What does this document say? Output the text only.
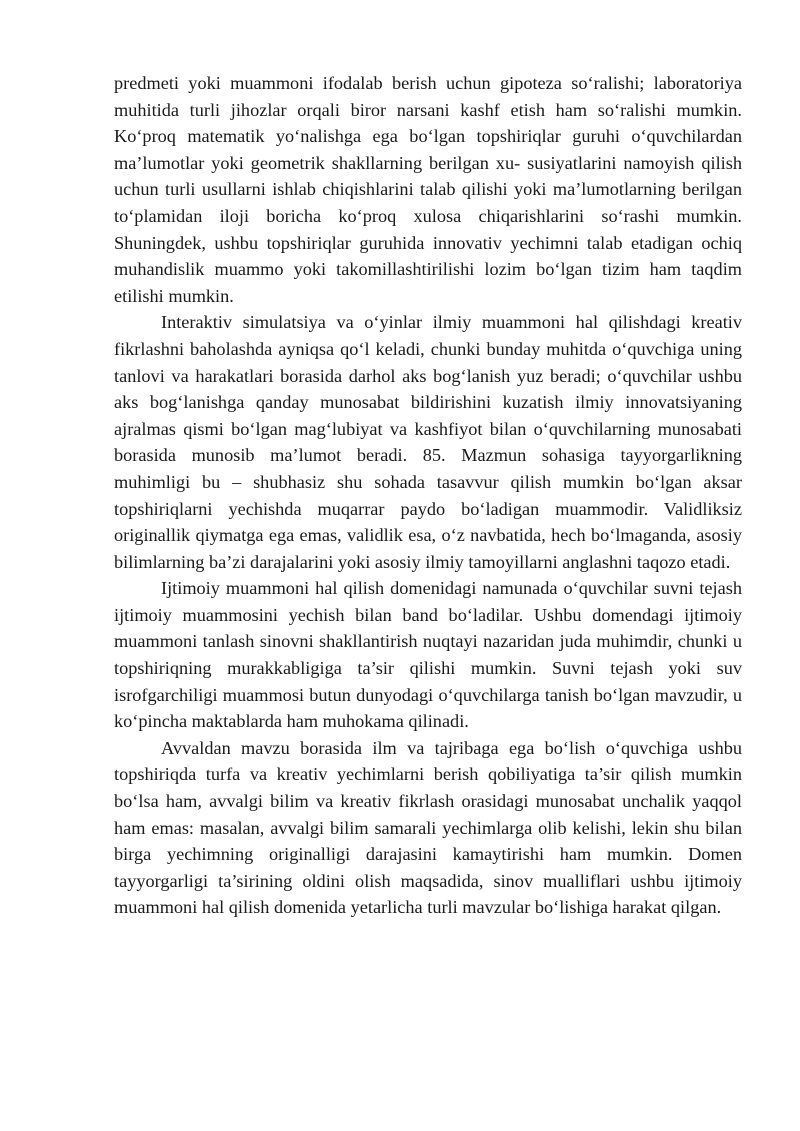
predmeti yoki muammoni ifodalab berish uchun gipoteza so‘ralishi; laboratoriya muhitida turli jihozlar orqali biror narsani kashf etish ham so‘ralishi mumkin. Ko‘proq matematik yo‘nalishga ega bo‘lgan topshiriqlar guruhi o‘quvchilardan ma’lumotlar yoki geometrik shakllarning berilgan xu- susiyatlarini namoyish qilish uchun turli usullarni ishlab chiqishlarini talab qilishi yoki ma’lumotlarning berilgan to‘plamidan iloji boricha ko‘proq xulosa chiqarishlarini so‘rashi mumkin. Shuningdek, ushbu topshiriqlar guruhida innovativ yechimni talab etadigan ochiq muhandislik muammo yoki takomillashtirilishi lozim bo‘lgan tizim ham taqdim etilishi mumkin.

Interaktiv simulatsiya va o‘yinlar ilmiy muammoni hal qilishdagi kreativ fikrlashni baholashda ayniqsa qo‘l keladi, chunki bunday muhitda o‘quvchiga uning tanlovi va harakatlari borasida darhol aks bog‘lanish yuz beradi; o‘quvchilar ushbu aks bog‘lanishga qanday munosabat bildirishini kuzatish ilmiy innovatsiyaning ajralmas qismi bo‘lgan mag‘lubiyat va kashfiyot bilan o‘quvchilarning munosabati borasida munosib ma’lumot beradi. 85. Mazmun sohasiga tayyorgarlikning muhimligi bu – shubhasiz shu sohada tasavvur qilish mumkin bo‘lgan aksar topshiriqlarni yechishda muqarrar paydo bo‘ladigan muammodir. Validliksiz originallik qiymatga ega emas, validlik esa, o‘z navbatida, hech bo‘lmaganda, asosiy bilimlarning ba’zi darajalarini yoki asosiy ilmiy tamoyillarni anglashni taqozo etadi.

Ijtimoiy muammoni hal qilish domenidagi namunada o‘quvchilar suvni tejash ijtimoiy muammosini yechish bilan band bo‘ladilar. Ushbu domendagi ijtimoiy muammoni tanlash sinovni shakllantirish nuqtayi nazaridan juda muhimdir, chunki u topshiriqning murakkabligiga ta’sir qilishi mumkin. Suvni tejash yoki suv isrofgarchiligi muammosi butun dunyodagi o‘quvchilarga tanish bo‘lgan mavzudir, u ko‘pincha maktablarda ham muhokama qilinadi.

Avvaldan mavzu borasida ilm va tajribaga ega bo‘lish o‘quvchiga ushbu topshiriqda turfa va kreativ yechimlarni berish qobiliyatiga ta’sir qilish mumkin bo‘lsa ham, avvalgi bilim va kreativ fikrlash orasidagi munosabat unchalik yaqqol ham emas: masalan, avvalgi bilim samarali yechimlarga olib kelishi, lekin shu bilan birga yechimning originalligi darajasini kamaytirishi ham mumkin. Domen tayyorgarligi ta’sirining oldini olish maqsadida, sinov mualliflari ushbu ijtimoiy muammoni hal qilish domenida yetarlicha turli mavzular bo‘lishiga harakat qilgan.
